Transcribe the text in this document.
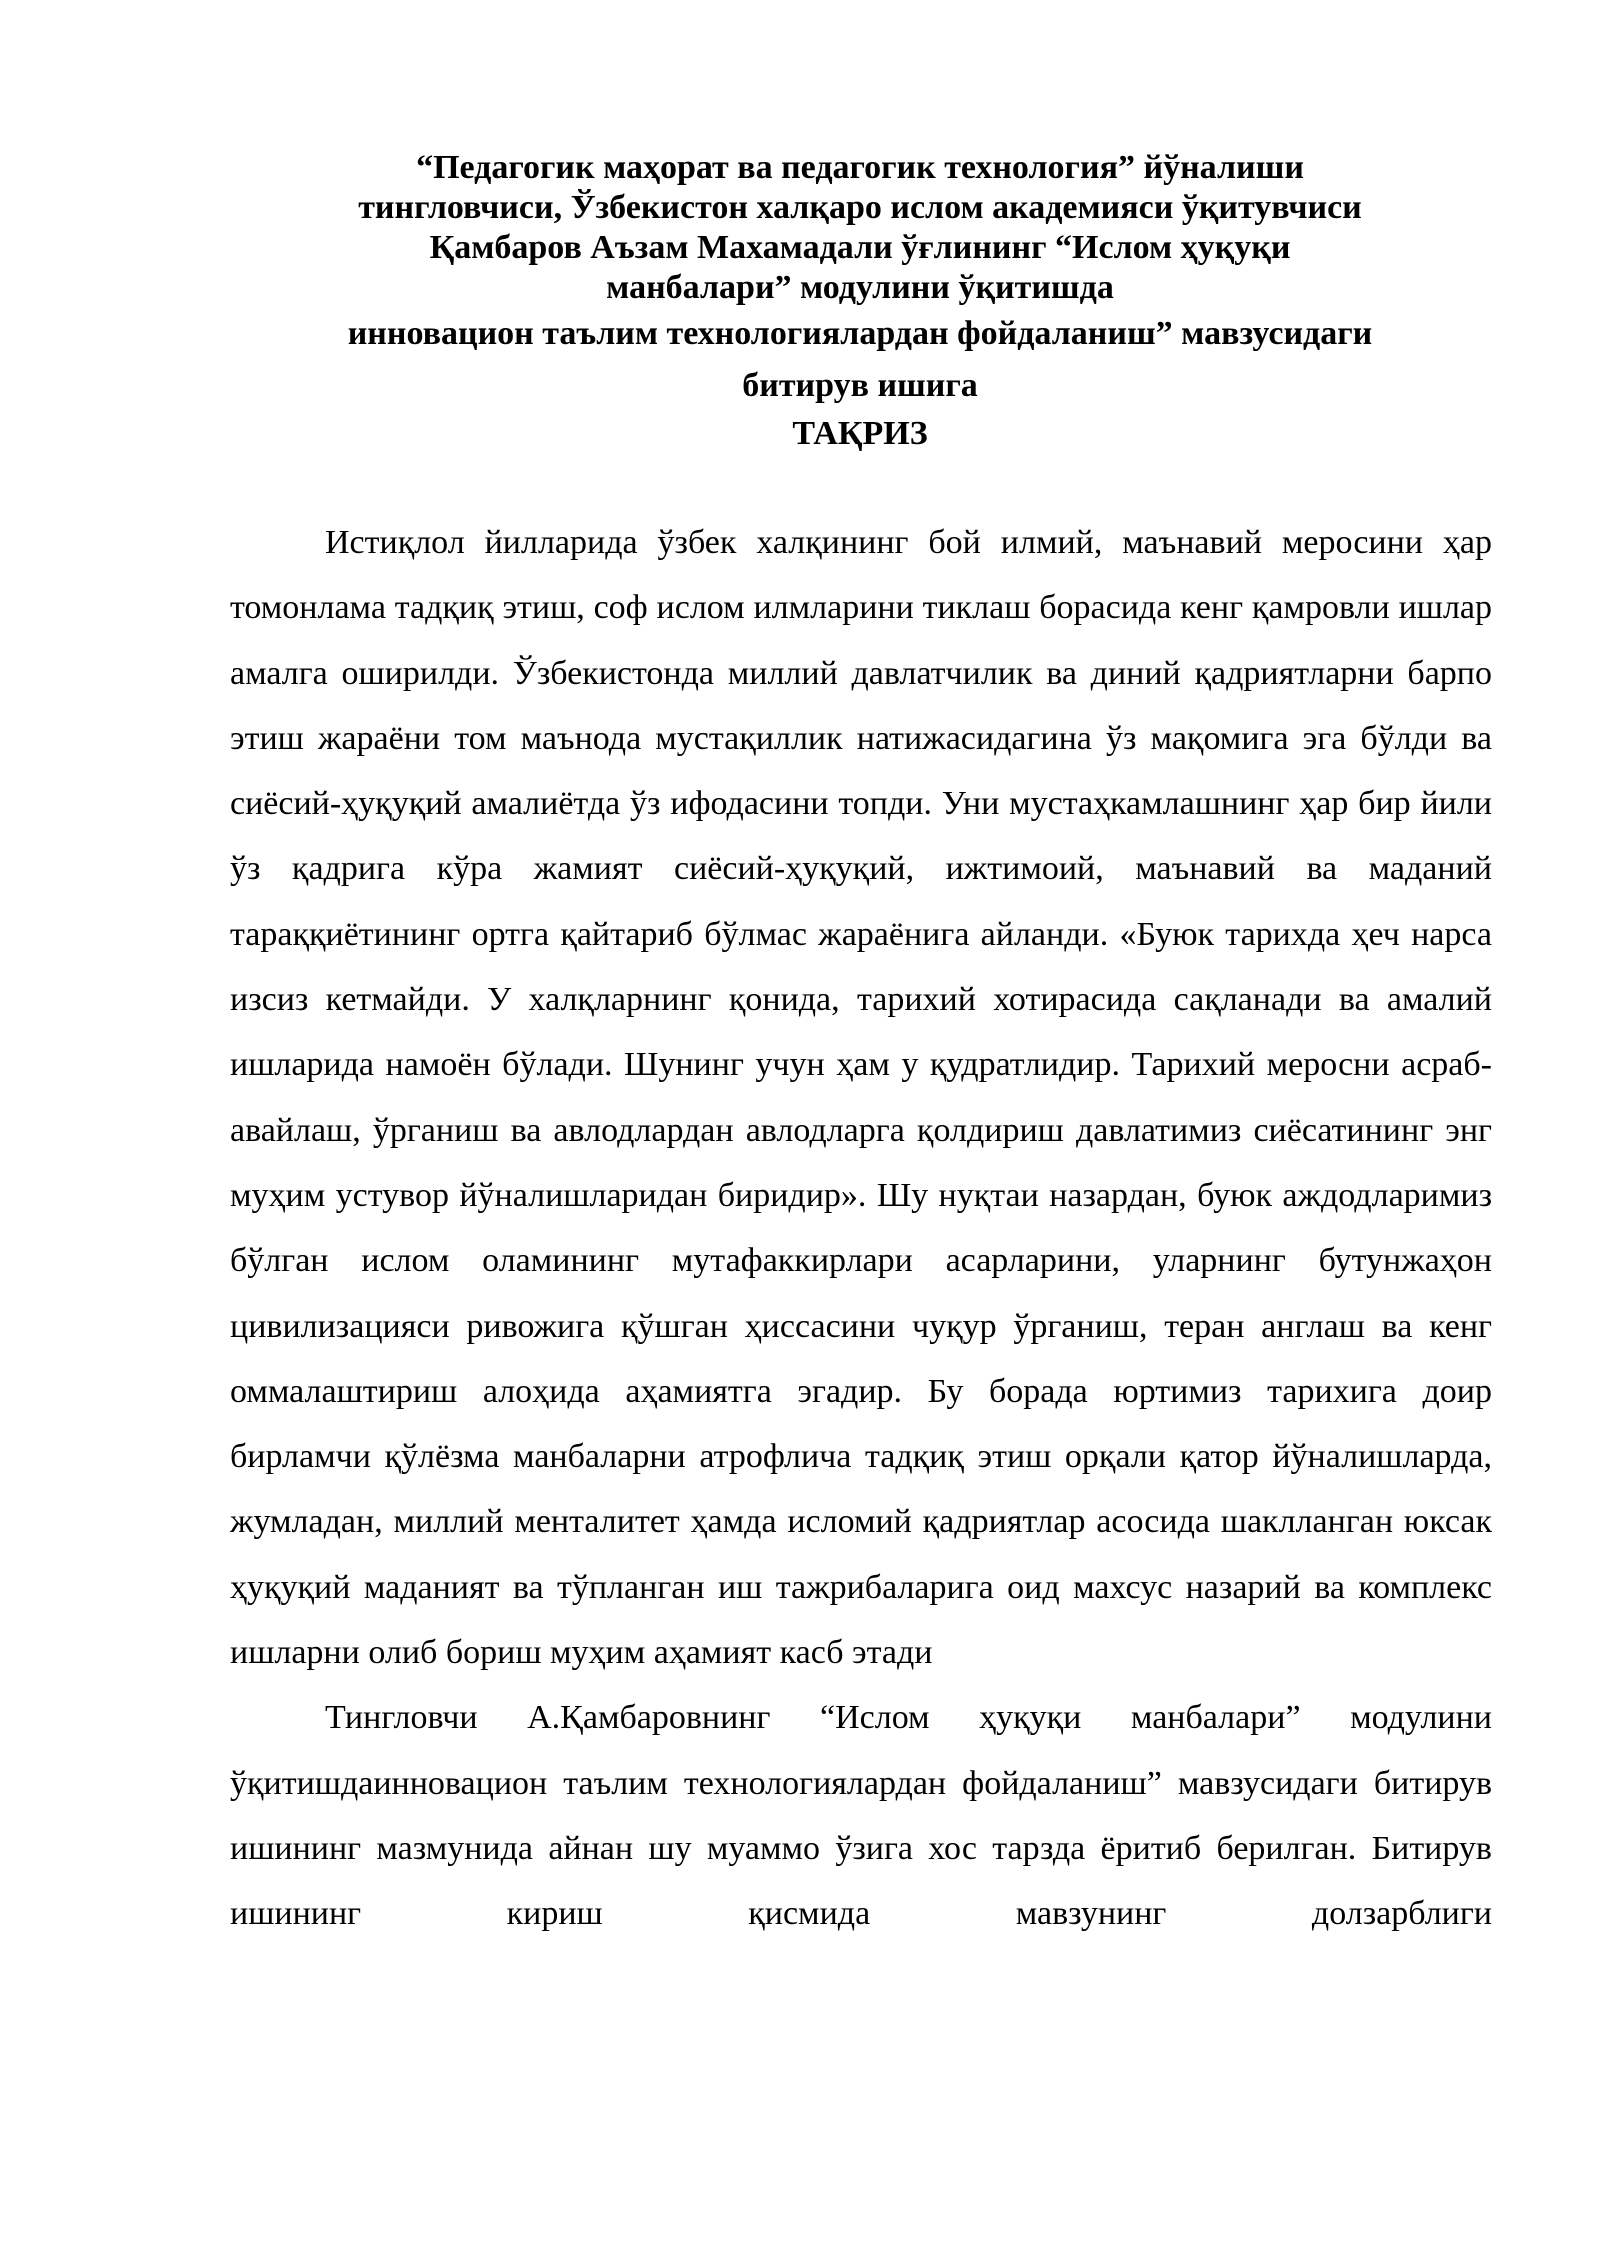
“Педагогик маҳорат ва педагогик технология” йўналиши
тингловчиси, Ўзбекистон халқаро ислом академияси ўқитувчиси
Қамбаров Аъзам Махамадали ўғлининг “Ислом ҳуқуқи
манбалари” модулини ўқитишда
инновацион таълим технологиялардан фойдаланиш” мавзусидаги
битирув ишига
ТАҚРИЗ

Истиқлол йилларида ўзбек халқининг бой илмий, маънавий меросини ҳар томонлама тадқиқ этиш, соф ислом илмларини тиклаш борасида кенг қамровли ишлар амалга оширилди. Ўзбекистонда миллий давлатчилик ва диний қадриятларни барпо этиш жараёни том маънода мустақиллик натижасидагина ўз мақомига эга бўлди ва сиёсий-ҳуқуқий амалиётда ўз ифодасини топди. Уни мустаҳкамлашнинг ҳар бир йили ўз қадрига кўра жамият сиёсий-ҳуқуқий, ижтимоий, маънавий ва маданий тараққиётининг ортга қайтариб бўлмас жараёнига айланди. «Буюк тарихда ҳеч нарса изсиз кетмайди. У халқларнинг қонида, тарихий хотирасида сақланади ва амалий ишларида намоён бўлади. Шунинг учун ҳам у қудратлидир. Тарихий меросни асраб-авайлаш, ўрганиш ва авлодлардан авлодларга қолдириш давлатимиз сиёсатининг энг муҳим устувор йўналишларидан биридир». Шу нуқтаи назардан, буюк аждодларимиз бўлган ислом оламининг мутафаккирлари асарларини, уларнинг бутунжаҳон цивилизацияси ривожига қўшган ҳиссасини чуқур ўрганиш, теран англаш ва кенг оммалаштириш алоҳида аҳамиятга эгадир. Бу борада юртимиз тарихига доир бирламчи қўлёзма манбаларни атрофлича тадқиқ этиш орқали қатор йўналишларда, жумладан, миллий менталитет ҳамда исломий қадриятлар асосида шаклланган юксак ҳуқуқий маданият ва тўпланган иш тажрибаларига оид махсус назарий ва комплекс ишларни олиб бориш муҳим аҳамият касб этади

Тингловчи А.Қамбаровнинг “Ислом ҳуқуқи манбалари” модулини ўқитишдаинновацион таълим технологиялардан фойдаланиш” мавзусидаги битирув ишининг мазмунида айнан шу муаммо ўзига хос тарзда ёритиб берилган. Битирув ишининг кириш қисмида мавзунинг долзарблиги
